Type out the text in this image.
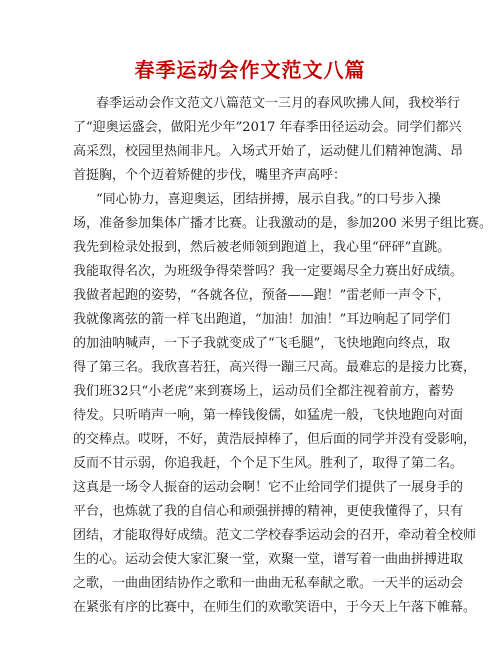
春季运动会作文范文八篇
春季运动会作文范文八篇范文一三月的春风吹拂人间，我校举行
了“迎奥运盛会，做阳光少年”2017 年春季田径运动会。同学们都兴
高采烈，校园里热闹非凡。入场式开始了，运动健儿们精神饱满、昂
首挺胸，个个迈着矫健的步伐，嘴里齐声高呼：
“同心协力，喜迎奥运，团结拼搏，展示自我。”的口号步入操
场，准备参加集体广播才比赛。让我激动的是，参加200 米男子组比赛。
我先到检录处报到，然后被老师领到跑道上，我心里“砰砰”直跳。
我能取得名次，为班级争得荣誉吗？我一定要竭尽全力赛出好成绩。
我做者起跑的姿势，“各就各位，预备——跑！”雷老师一声令下，
我就像离弦的箭一样飞出跑道，“加油！加油！”耳边响起了同学们
的加油呐喊声，一下子我就变成了“飞毛腿”，飞快地跑向终点，取
得了第三名。我欣喜若狂，高兴得一蹦三尺高。最难忘的是接力比赛，
我们班32只“小老虎”来到赛场上，运动员们全都注视着前方，蓄势
待发。只听哨声一响，第一棒钱俊儒，如猛虎一般，飞快地跑向对面
的交棒点。哎呀，不好，黄浩辰掉棒了，但后面的同学并没有受影响，
反而不甘示弱，你追我赶，个个足下生风。胜利了，取得了第二名。
这真是一场令人振奋的运动会啊！它不止给同学们提供了一展身手的
平台，也炼就了我的自信心和顽强拼搏的精神，更使我懂得了，只有
团结，才能取得好成绩。范文二学校春季运动会的召开，牵动着全校师
生的心。运动会使大家汇聚一堂，欢聚一堂，谱写着一曲曲拼搏进取
之歌，一曲曲团结协作之歌和一曲曲无私奉献之歌。一天半的运动会
在紧张有序的比赛中，在师生们的欢歌笑语中，于今天上午落下帷幕。
